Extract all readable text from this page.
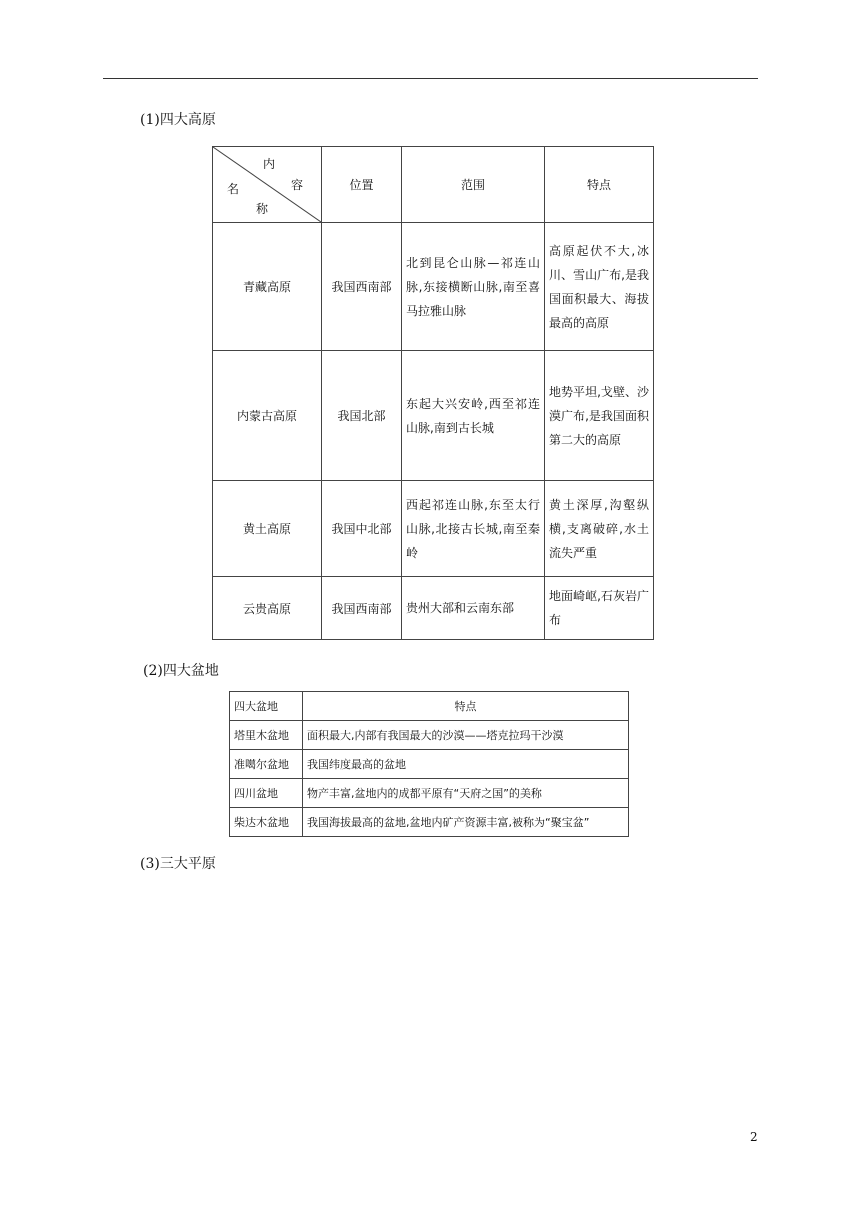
(1)四大高原
内
容
名
称	位置	范围	特点
青藏高原	我国西南部	北到昆仑山脉—祁连山脉,东接横断山脉,南至喜马拉雅山脉	高原起伏不大,冰川、雪山广布,是我国面积最大、海拔最高的高原
内蒙古高原	我国北部	东起大兴安岭,西至祁连山脉,南到古长城	地势平坦,戈壁、沙漠广布,是我国面积第二大的高原
黄土高原	我国中北部	西起祁连山脉,东至太行山脉,北接古长城,南至秦岭	黄土深厚,沟壑纵横,支离破碎,水土流失严重
云贵高原	我国西南部	贵州大部和云南东部	地面崎岖,石灰岩广布
(2)四大盆地
四大盆地	特点
塔里木盆地	面积最大,内部有我国最大的沙漠——塔克拉玛干沙漠
准噶尔盆地	我国纬度最高的盆地
四川盆地	物产丰富,盆地内的成都平原有“天府之国”的美称
柴达木盆地	我国海拔最高的盆地,盆地内矿产资源丰富,被称为“聚宝盆”
(3)三大平原
2
